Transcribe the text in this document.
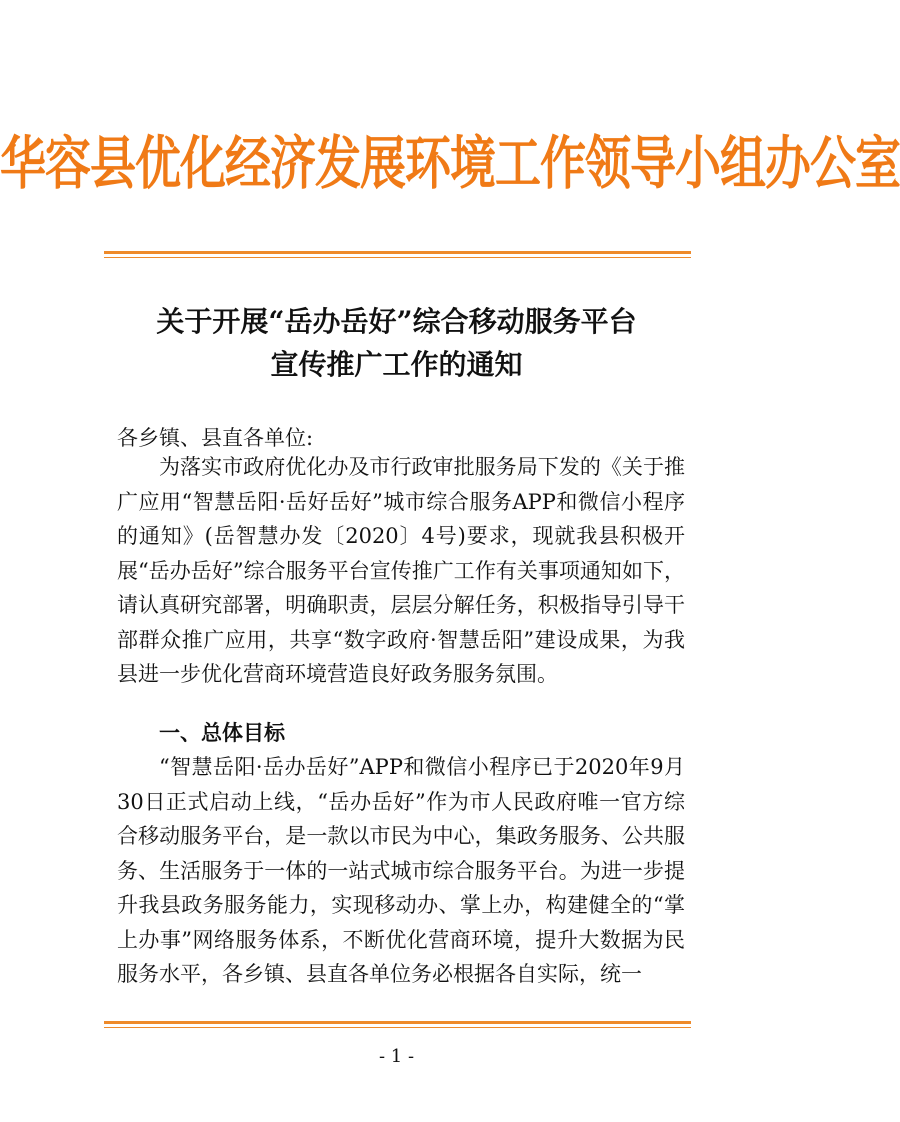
华容县优化经济发展环境工作领导小组办公室
关于开展“岳办岳好”综合移动服务平台
宣传推广工作的通知
各乡镇、县直各单位:
为落实市政府优化办及市行政审批服务局下发的《关于推广应用“智慧岳阳·岳好岳好”城市综合服务APP和微信小程序的通知》(岳智慧办发〔2020〕4号)要求，现就我县积极开展“岳办岳好”综合服务平台宣传推广工作有关事项通知如下，请认真研究部署，明确职责，层层分解任务，积极指导引导干部群众推广应用，共享“数字政府·智慧岳阳”建设成果，为我县进一步优化营商环境营造良好政务服务氛围。
一、总体目标
“智慧岳阳·岳办岳好”APP和微信小程序已于2020年9月30日正式启动上线，“岳办岳好”作为市人民政府唯一官方综合移动服务平台，是一款以市民为中心，集政务服务、公共服务、生活服务于一体的一站式城市综合服务平台。为进一步提升我县政务服务能力，实现移动办、掌上办，构建健全的“掌上办事”网络服务体系，不断优化营商环境，提升大数据为民服务水平，各乡镇、县直各单位务必根据各自实际，统一
- 1 -
